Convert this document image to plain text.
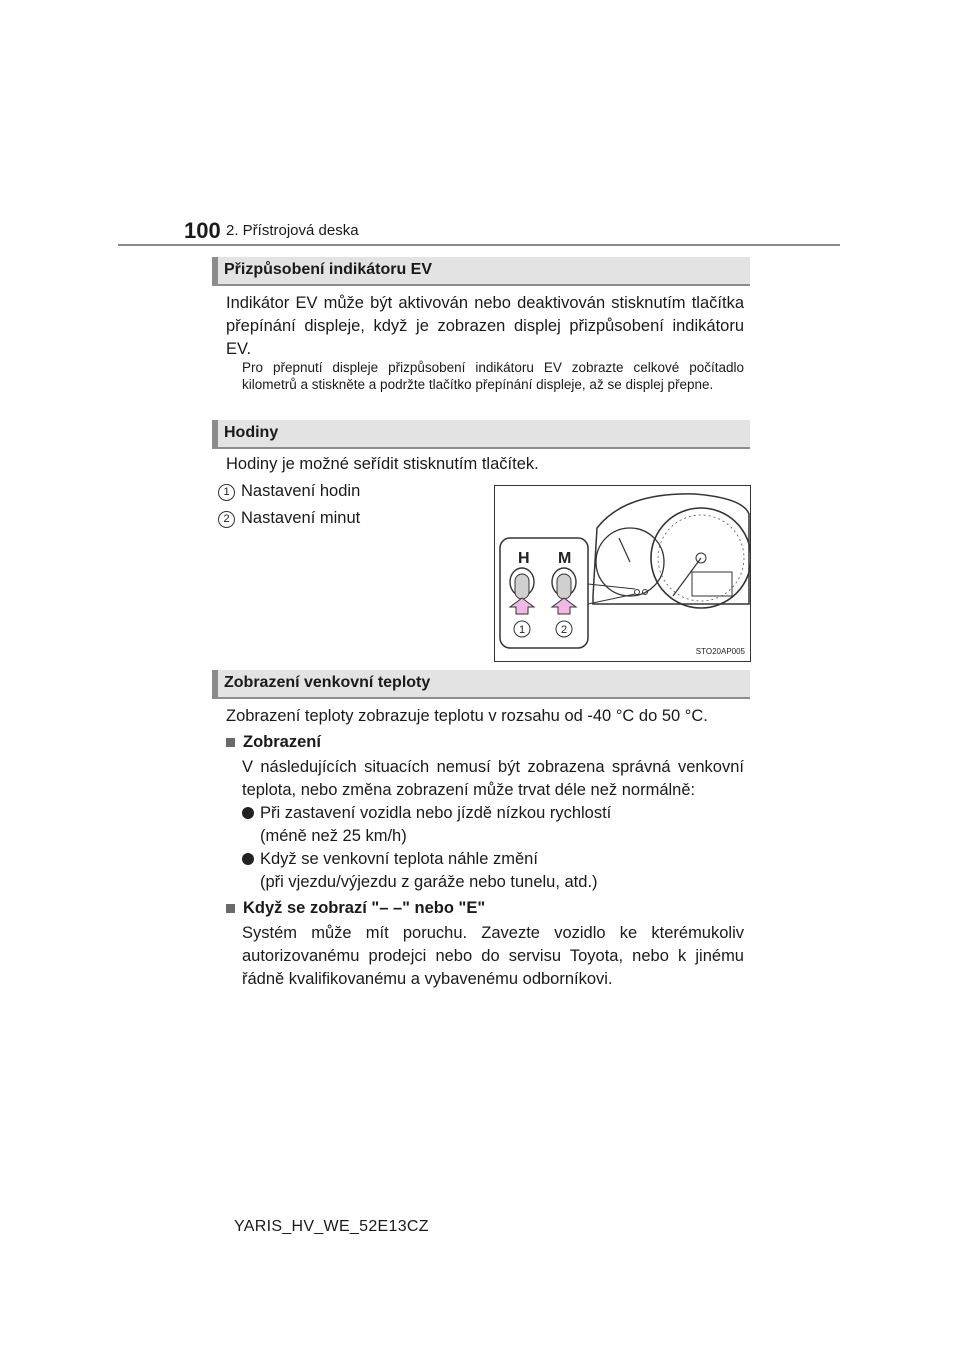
100 2. Přístrojová deska
Přizpůsobení indikátoru EV
Indikátor EV může být aktivován nebo deaktivován stisknutím tlačítka přepínání displeje, když je zobrazen displej přizpůsobení indikátoru EV.
Pro přepnutí displeje přizpůsobení indikátoru EV zobrazte celkové počítadlo kilometrů a stiskněte a podržte tlačítko přepínání displeje, až se displej přepne.
Hodiny
Hodiny je možné seřídit stisknutím tlačítek.
1 Nastavení hodin
2 Nastavení minut
H M
1	2
STO20AP005
Zobrazení venkovní teploty
Zobrazení teploty zobrazuje teplotu v rozsahu od -40 °C do 50 °C.
Zobrazení
V následujících situacích nemusí být zobrazena správná venkovní teplota, nebo změna zobrazení může trvat déle než normálně:
Při zastavení vozidla nebo jízdě nízkou rychlostí
(méně než 25 km/h)
Když se venkovní teplota náhle změní
(při vjezdu/výjezdu z garáže nebo tunelu, atd.)
Když se zobrazí "– –" nebo "E"
Systém může mít poruchu. Zavezte vozidlo ke kterémukoliv autorizovanému prodejci nebo do servisu Toyota, nebo k jinému řádně kvalifikovanému a vybavenému odborníkovi.
YARIS_HV_WE_52E13CZ
